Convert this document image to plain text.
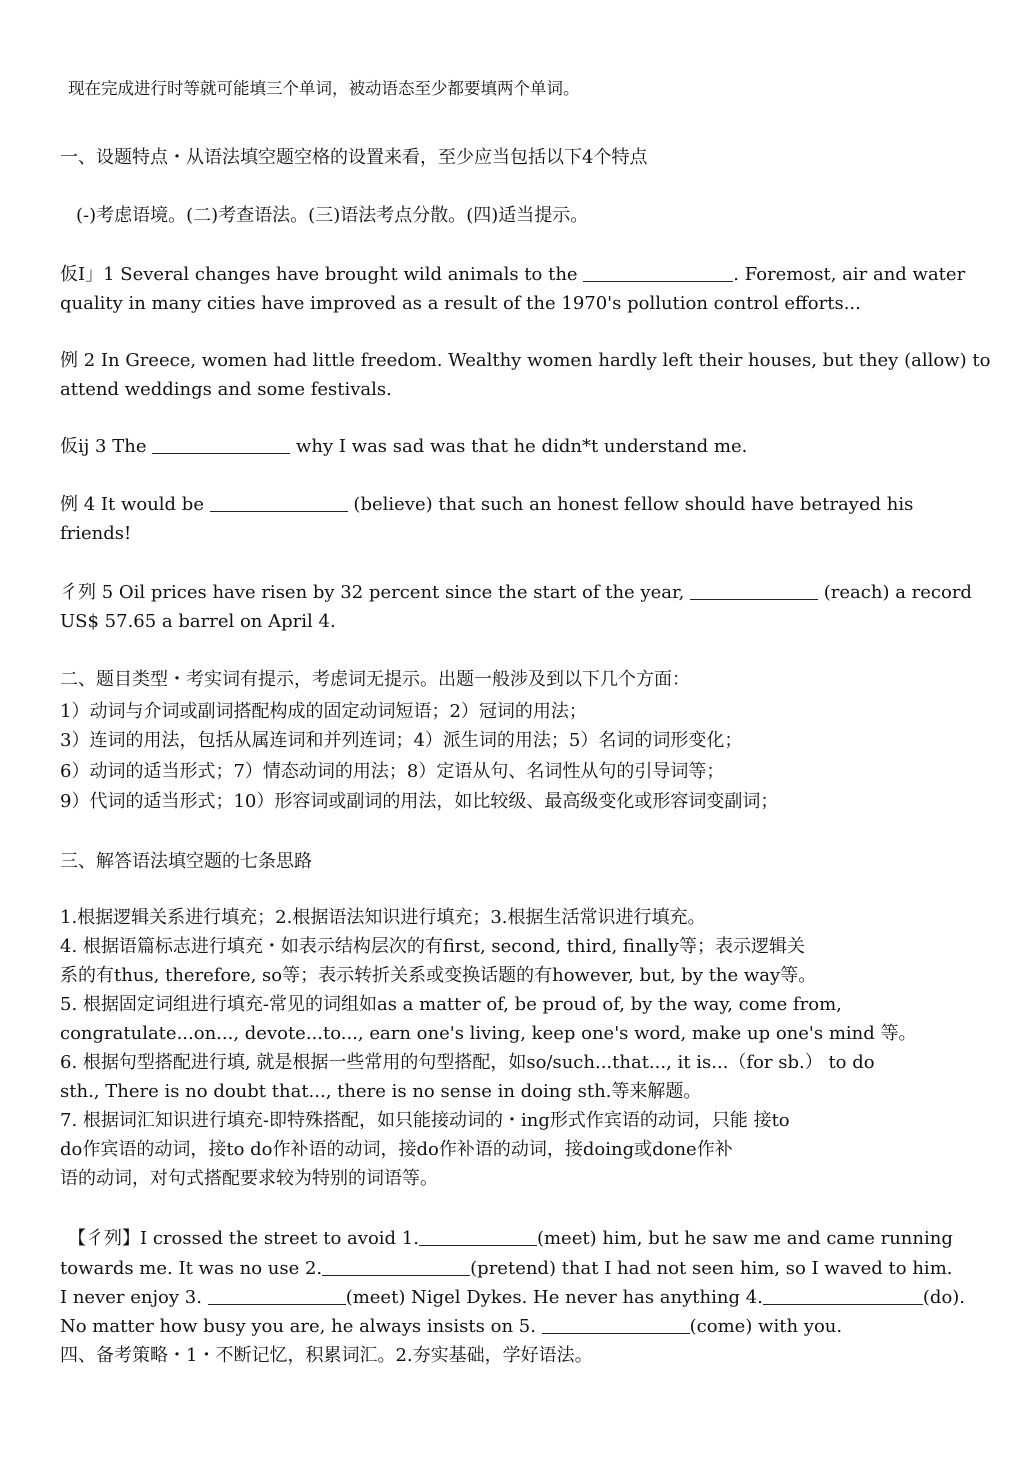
现在完成进行时等就可能填三个单词，被动语态至少都要填两个单词。
一、设题特点・从语法填空题空格的设置来看，至少应当包括以下4个特点
(-)考虑语境。(二)考查语法。(三)语法考点分散。(四)适当提示。
仮I」1 Several changes have brought wild animals to the	. Foremost, air and water
quality in many cities have improved as a result of the 1970's pollution control efforts...
例 2 In Greece, women had little freedom. Wealthy women hardly left their houses, but they (allow) to
attend weddings and some festivals.
仮ij 3 The	why I was sad was that he didn*t understand me.
例 4 It would be	(believe) that such an honest fellow should have betrayed his
friends!
彳列 5 Oil prices have risen by 32 percent since the start of the year,	(reach) a record
US$ 57.65 a barrel on April 4.
二、题目类型・考实词有提示，考虑词无提示。出题一般涉及到以下几个方面：
1）动词与介词或副词搭配构成的固定动词短语；2）冠词的用法；
3）连词的用法，包括从属连词和并列连词；4）派生词的用法；5）名词的词形变化；
6）动词的适当形式；7）情态动词的用法；8）定语从句、名词性从句的引导词等；
9）代词的适当形式；10）形容词或副词的用法，如比较级、最高级变化或形容词变副词；
三、解答语法填空题的七条思路
1.根据逻辑关系进行填充；2.根据语法知识进行填充；3.根据生活常识进行填充。
4. 根据语篇标志进行填充・如表示结构层次的有first, second, third, finally等；表示逻辑关
系的有thus, therefore, so等；表示转折关系或变换话题的有however, but, by the way等。
5. 根据固定词组进行填充-常见的词组如as a matter of, be proud of, by the way, come from,
congratulate...on..., devote...to..., earn one's living, keep one's word, make up one's mind 等。
6. 根据句型搭配进行填, 就是根据一些常用的句型搭配，如so/such...that..., it is...（for sb.） to do
sth., There is no doubt that..., there is no sense in doing sth.等来解题。
7. 根据词汇知识进行填充-即特殊搭配，如只能接动词的・ing形式作宾语的动词，只能 接to
do作宾语的动词，接to do作补语的动词，接do作补语的动词，接doing或done作补
语的动词，对句式搭配要求较为特别的词语等。
【彳列】I crossed the street to avoid 1.	(meet) him, but he saw me and came running
towards me. It was no use 2.	(pretend) that I had not seen him, so I waved to him.
I never enjoy 3.	(meet) Nigel Dykes. He never has anything 4.	(do).
No matter how busy you are, he always insists on 5.	(come) with you.
四、备考策略・1・不断记忆，积累词汇。2.夯实基础，学好语法。
